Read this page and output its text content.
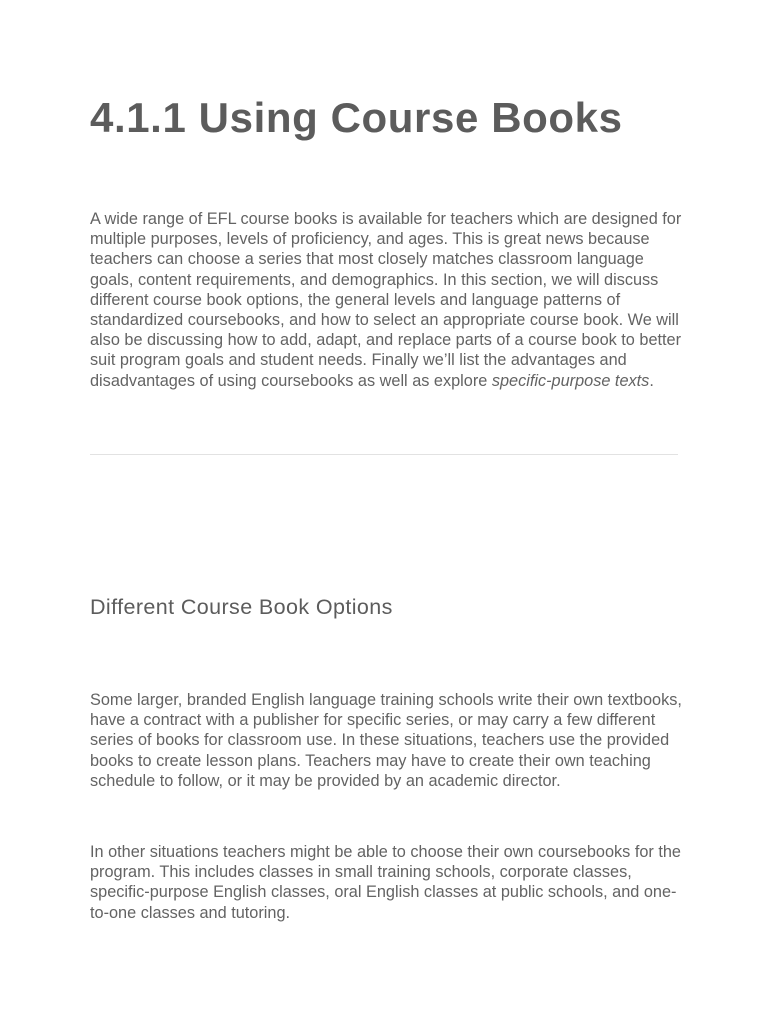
4.1.1 Using Course Books

A wide range of EFL course books is available for teachers which are designed for multiple purposes, levels of proficiency, and ages. This is great news because teachers can choose a series that most closely matches classroom language goals, content requirements, and demographics. In this section, we will discuss different course book options, the general levels and language patterns of standardized coursebooks, and how to select an appropriate course book. We will also be discussing how to add, adapt, and replace parts of a course book to better suit program goals and student needs. Finally we’ll list the advantages and disadvantages of using coursebooks as well as explore specific-purpose texts.

Different Course Book Options

Some larger, branded English language training schools write their own textbooks, have a contract with a publisher for specific series, or may carry a few different series of books for classroom use. In these situations, teachers use the provided books to create lesson plans. Teachers may have to create their own teaching schedule to follow, or it may be provided by an academic director.

In other situations teachers might be able to choose their own coursebooks for the program. This includes classes in small training schools, corporate classes, specific-purpose English classes, oral English classes at public schools, and one-to-one classes and tutoring.
